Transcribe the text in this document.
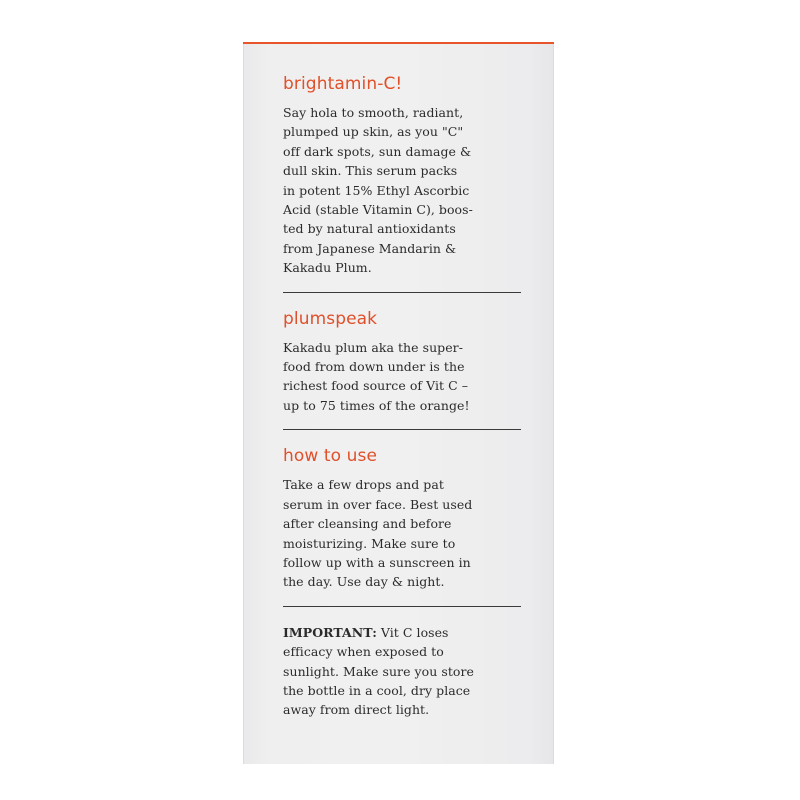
brightamin-C!

Say hola to smooth, radiant,
plumped up skin, as you "C"
off dark spots, sun damage &
dull skin. This serum packs
in potent 15% Ethyl Ascorbic
Acid (stable Vitamin C), boos-
ted by natural antioxidants
from Japanese Mandarin &
Kakadu Plum.

plumspeak

Kakadu plum aka the super-
food from down under is the
richest food source of Vit C –
up to 75 times of the orange!

how to use

Take a few drops and pat
serum in over face. Best used
after cleansing and before
moisturizing. Make sure to
follow up with a sunscreen in
the day. Use day & night.

IMPORTANT: Vit C loses
efficacy when exposed to
sunlight. Make sure you store
the bottle in a cool, dry place
away from direct light.
